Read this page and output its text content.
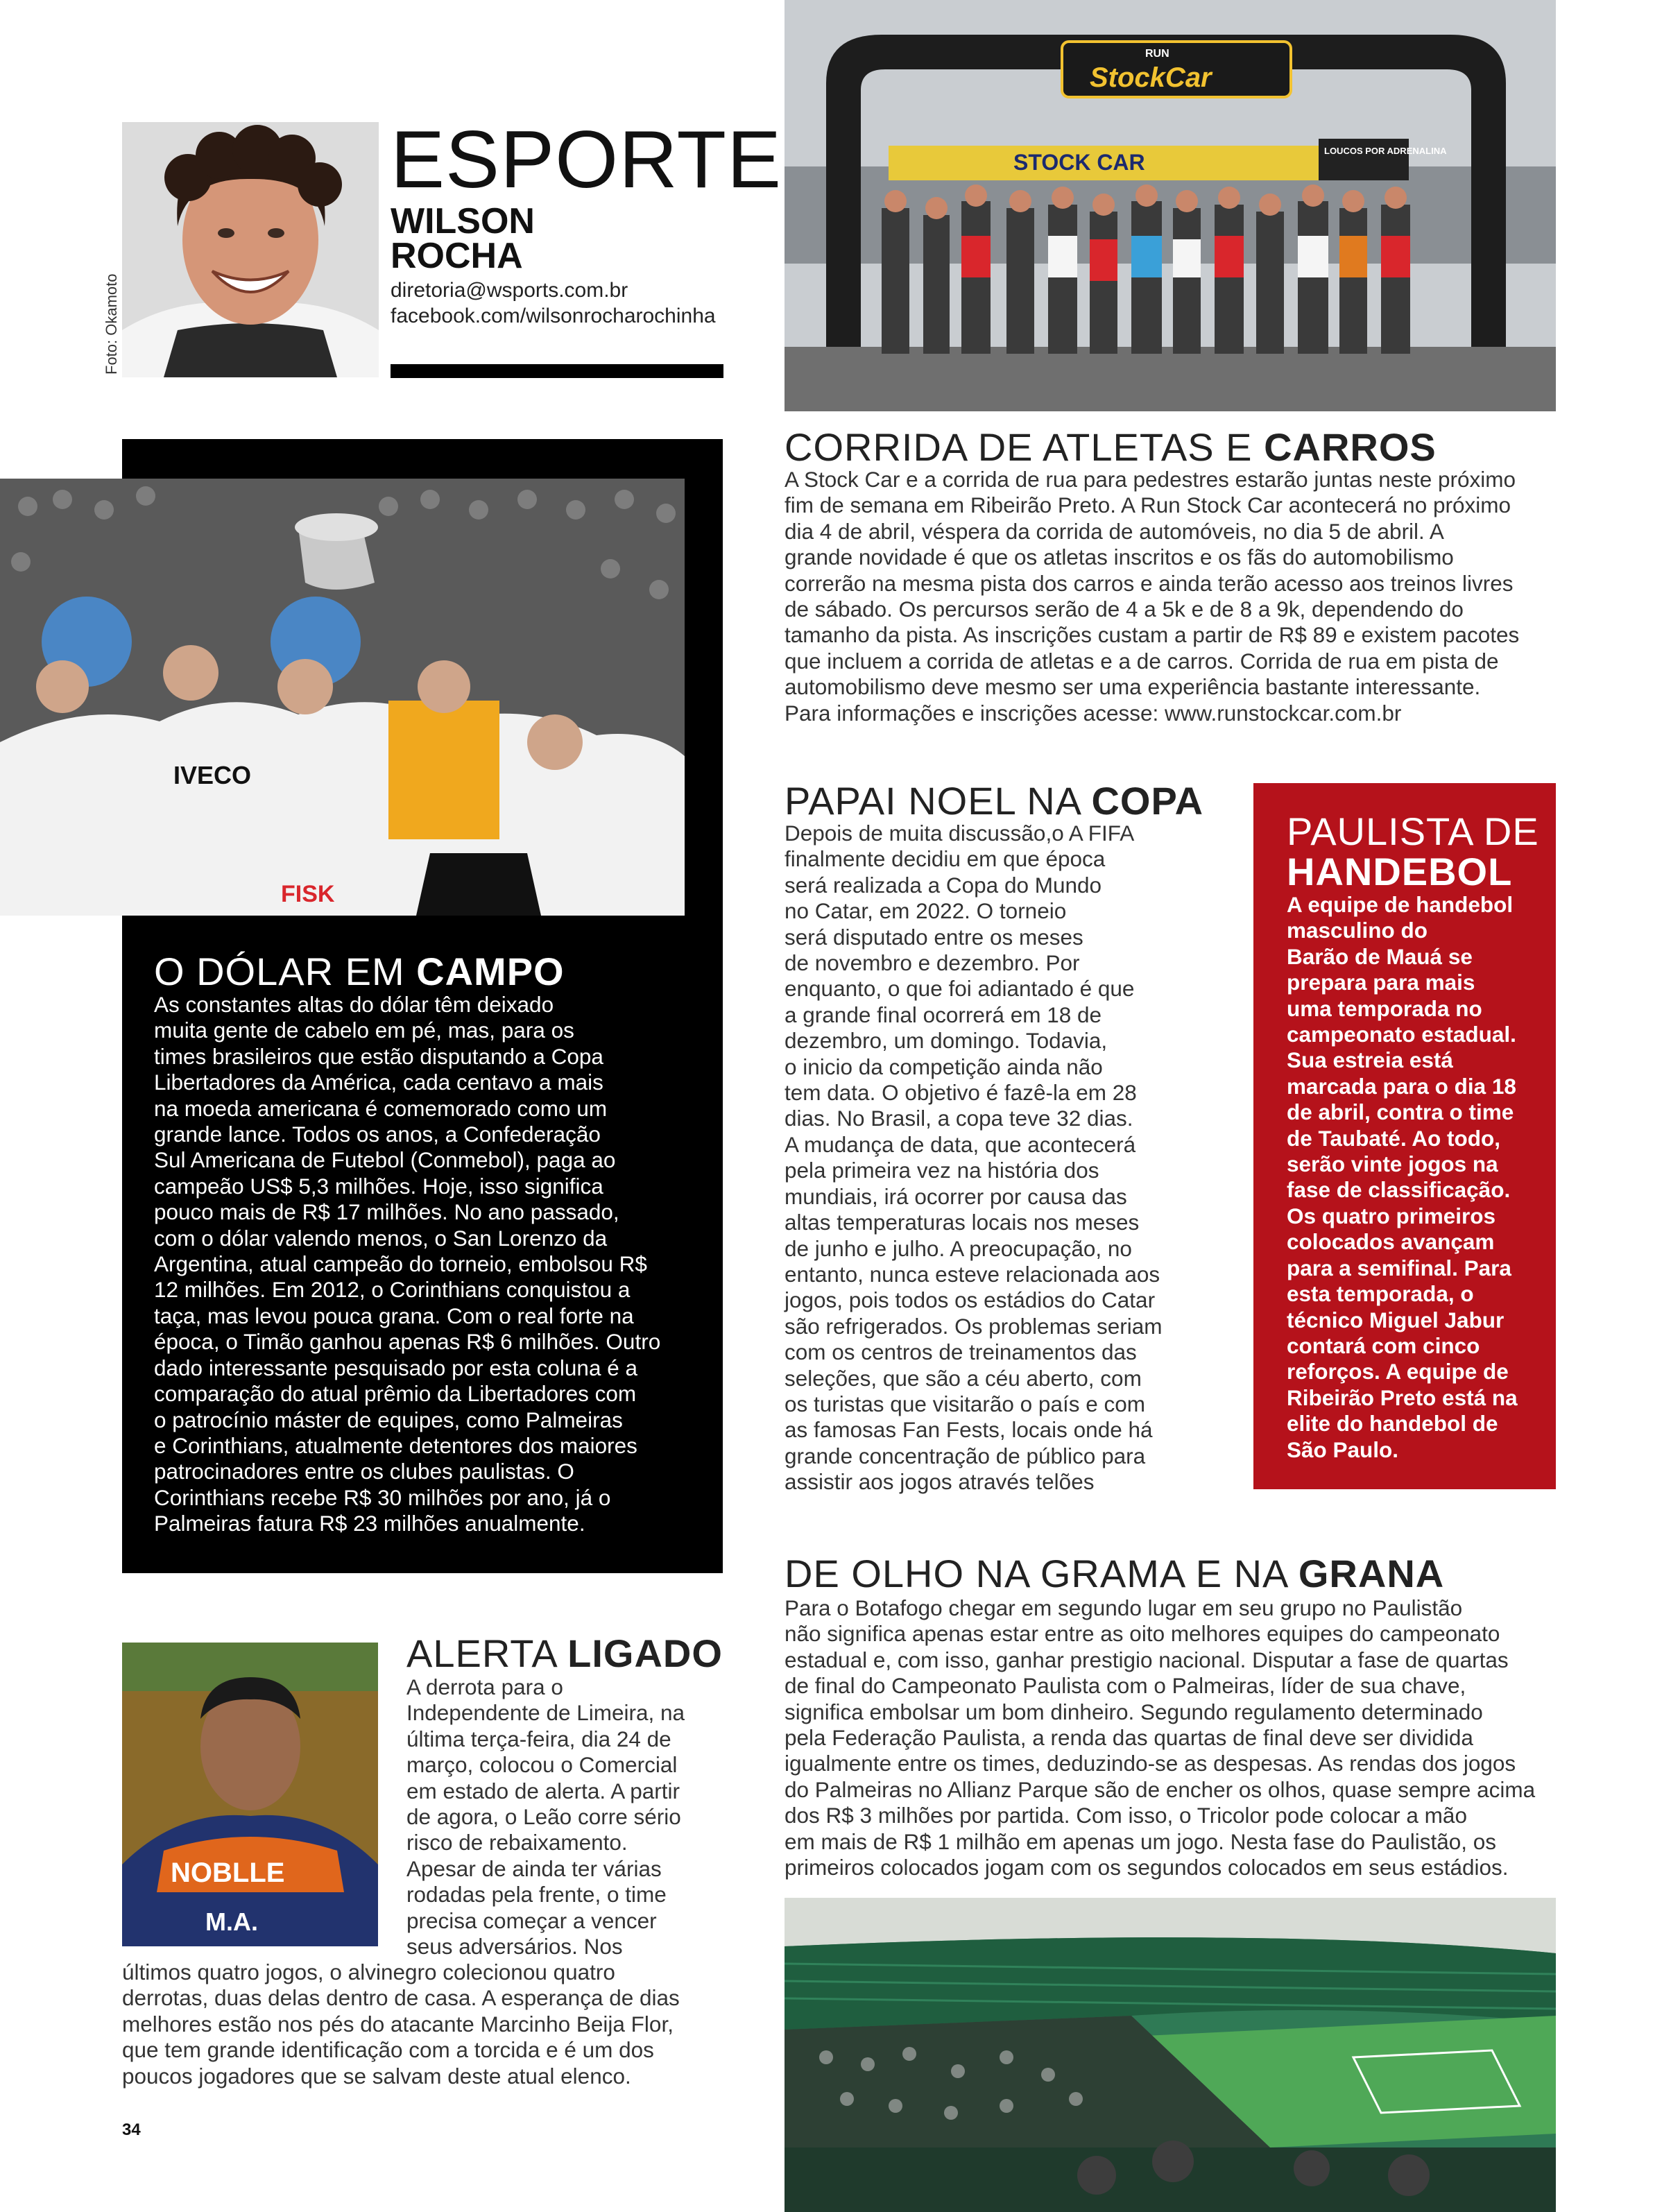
Foto: Okamoto
ESPORTE
WILSON
ROCHA
diretoria@wsports.com.br
facebook.com/wilsonrocharochinha
STOCK CAR	LOUCOS POR ADRENALINA
RUN
StockCar
CORRIDA DE ATLETAS E CARROS
A Stock Car e a corrida de rua para pedestres estarão juntas neste próximo
fim de semana em Ribeirão Preto. A Run Stock Car acontecerá no próximo
dia 4 de abril, véspera da corrida de automóveis, no dia 5 de abril. A
grande novidade é que os atletas inscritos e os fãs do automobilismo
correrão na mesma pista dos carros e ainda terão acesso aos treinos livres
de sábado. Os percursos serão de 4 a 5k e de 8 a 9k, dependendo do
tamanho da pista. As inscrições custam a partir de R$ 89 e existem pacotes
que incluem a corrida de atletas e a de carros. Corrida de rua em pista de
automobilismo deve mesmo ser uma experiência bastante interessante.
Para informações e inscrições acesse: www.runstockcar.com.br
IVECO
FISK
O DÓLAR EM CAMPO
As constantes altas do dólar têm deixado
muita gente de cabelo em pé, mas, para os
times brasileiros que estão disputando a Copa
Libertadores da América, cada centavo a mais
na moeda americana é comemorado como um
grande lance. Todos os anos, a Confederação
Sul Americana de Futebol (Conmebol), paga ao
campeão US$ 5,3 milhões. Hoje, isso significa
pouco mais de R$ 17 milhões. No ano passado,
com o dólar valendo menos, o San Lorenzo da
Argentina, atual campeão do torneio, embolsou R$
12 milhões. Em 2012, o Corinthians conquistou a
taça, mas levou pouca grana. Com o real forte na
época, o Timão ganhou apenas R$ 6 milhões. Outro
dado interessante pesquisado por esta coluna é a
comparação do atual prêmio da Libertadores com
o patrocínio máster de equipes, como Palmeiras
e Corinthians, atualmente detentores dos maiores
patrocinadores entre os clubes paulistas. O
Corinthians recebe R$ 30 milhões por ano, já o
Palmeiras fatura R$ 23 milhões anualmente.
PAPAI NOEL NA COPA
Depois de muita discussão,o A FIFA
finalmente decidiu em que época
será realizada a Copa do Mundo
no Catar, em 2022. O torneio
será disputado entre os meses
de novembro e dezembro. Por
enquanto, o que foi adiantado é que
a grande final ocorrerá em 18 de
dezembro, um domingo. Todavia,
o inicio da competição ainda não
tem data. O objetivo é fazê-la em 28
dias. No Brasil, a copa teve 32 dias.
A mudança de data, que acontecerá
pela primeira vez na história dos
mundiais, irá ocorrer por causa das
altas temperaturas locais nos meses
de junho e julho. A preocupação, no
entanto, nunca esteve relacionada aos
jogos, pois todos os estádios do Catar
são refrigerados. Os problemas seriam
com os centros de treinamentos das
seleções, que são a céu aberto, com
os turistas que visitarão o país e com
as famosas Fan Fests, locais onde há
grande concentração de público para
assistir aos jogos através telões
PAULISTA DE
HANDEBOL
A equipe de handebol
masculino do
Barão de Mauá se
prepara para mais
uma temporada no
campeonato estadual.
Sua estreia está
marcada para o dia 18
de abril, contra o time
de Taubaté. Ao todo,
serão vinte jogos na
fase de classificação.
Os quatro primeiros
colocados avançam
para a semifinal. Para
esta temporada, o
técnico Miguel Jabur
contará com cinco
reforços. A equipe de
Ribeirão Preto está na
elite do handebol de
São Paulo.
DE OLHO NA GRAMA E NA GRANA
Para o Botafogo chegar em segundo lugar em seu grupo no Paulistão
não significa apenas estar entre as oito melhores equipes do campeonato
estadual e, com isso, ganhar prestigio nacional. Disputar a fase de quartas
de final do Campeonato Paulista com o Palmeiras, líder de sua chave,
significa embolsar um bom dinheiro. Segundo regulamento determinado
pela Federação Paulista, a renda das quartas de final deve ser dividida
igualmente entre os times, deduzindo-se as despesas. As rendas dos jogos
do Palmeiras no Allianz Parque são de encher os olhos, quase sempre acima
dos R$ 3 milhões por partida. Com isso, o Tricolor pode colocar a mão
em mais de R$ 1 milhão em apenas um jogo. Nesta fase do Paulistão, os
primeiros colocados jogam com os segundos colocados em seus estádios.
NOBLLE
M.A.
ALERTA LIGADO
A derrota para o
Independente de Limeira, na
última terça-feira, dia 24 de
março, colocou o Comercial
em estado de alerta. A partir
de agora, o Leão corre sério
risco de rebaixamento.
Apesar de ainda ter várias
rodadas pela frente, o time
precisa começar a vencer
seus adversários. Nos
últimos quatro jogos, o alvinegro colecionou quatro
derrotas, duas delas dentro de casa. A esperança de dias
melhores estão nos pés do atacante Marcinho Beija Flor,
que tem grande identificação com a torcida e é um dos
poucos jogadores que se salvam deste atual elenco.
34
